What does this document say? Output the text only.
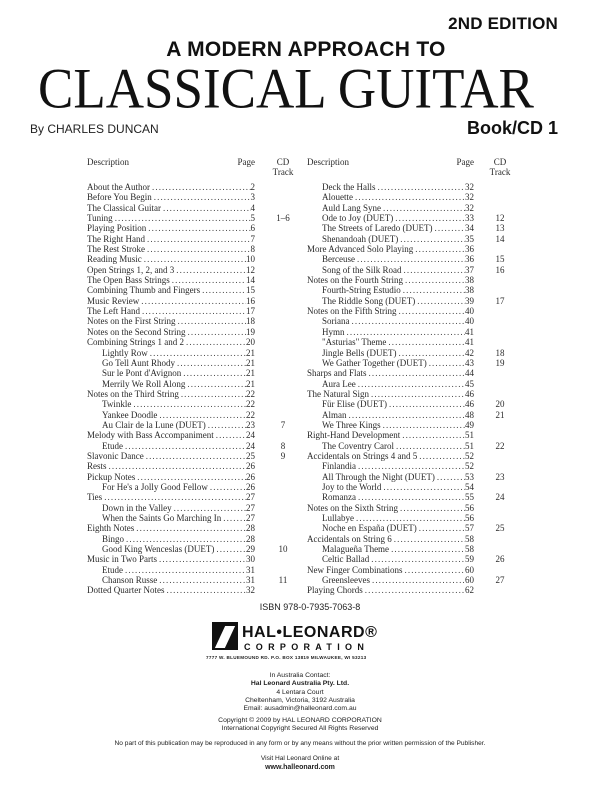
2ND EDITION
A MODERN APPROACH TO
CLASSICAL GUITAR
By CHARLES DUNCAN	Book/CD 1
Description	Page	CD
Track
About the Author .....	2
Before You Begin .....	3
The Classical Guitar .....	4
Tuning .....	5	1–6
Playing Position .....	6
The Right Hand .....	7
The Rest Stroke .....	8
Reading Music .....	10
Open Strings 1, 2, and 3 .....	12
The Open Bass Strings .....	14
Combining Thumb and Fingers .....	15
Music Review .....	16
The Left Hand .....	17
Notes on the First String .....	18
Notes on the Second String .....	19
Combining Strings 1 and 2 .....	20
Lightly Row .....	21
Go Tell Aunt Rhody .....	21
Sur le Pont d'Avignon .....	21
Merrily We Roll Along .....	21
Notes on the Third String .....	22
Twinkle .....	22
Yankee Doodle .....	22
Au Clair de la Lune (DUET) .....	23	7
Melody with Bass Accompaniment .....	24
Etude .....	24	8
Slavonic Dance .....	25	9
Rests .....	26
Pickup Notes .....	26
For He's a Jolly Good Fellow .....	26
Ties .....	27
Down in the Valley .....	27
When the Saints Go Marching In .....	27
Eighth Notes .....	28
Bingo .....	28
Good King Wenceslas (DUET) .....	29	10
Music in Two Parts .....	30
Etude .....	31
Chanson Russe .....	31	11
Dotted Quarter Notes .....	32
Description	Page	CD
Track
Deck the Halls .....	32
Alouette .....	32
Auld Lang Syne .....	32
Ode to Joy (DUET) .....	33	12
The Streets of Laredo (DUET) .....	34	13
Shenandoah (DUET) .....	35	14
More Advanced Solo Playing .....	36
Berceuse .....	36	15
Song of the Silk Road .....	37	16
Notes on the Fourth String .....	38
Fourth-String Estudio .....	38
The Riddle Song (DUET) .....	39	17
Notes on the Fifth String .....	40
Soriana .....	40
Hymn .....	41
"Asturias" Theme .....	41
Jingle Bells (DUET) .....	42	18
We Gather Together (DUET) .....	43	19
Sharps and Flats .....	44
Aura Lee .....	45
The Natural Sign .....	46
Für Elise (DUET) .....	46	20
Alman .....	48	21
We Three Kings .....	49
Right-Hand Development .....	51
The Coventry Carol .....	51	22
Accidentals on Strings 4 and 5 .....	52
Finlandia .....	52
All Through the Night (DUET) .....	53	23
Joy to the World .....	54
Romanza .....	55	24
Notes on the Sixth String .....	56
Lullabye .....	56
Noche en España (DUET) .....	57	25
Accidentals on String 6 .....	58
Malagueña Theme .....	58
Celtic Ballad .....	59	26
New Finger Combinations .....	60
Greensleeves .....	60	27
Playing Chords .....	62
ISBN 978-0-7935-7063-8
HAL•LEONARD®
CORPORATION
7777 W. BLUEMOUND RD. P.O. BOX 13819 MILWAUKEE, WI 53213
In Australia Contact:
Hal Leonard Australia Pty. Ltd.
4 Lentara Court
Cheltenham, Victoria, 3192 Australia
Email: ausadmin@halleonard.com.au
Copyright © 2009 by HAL LEONARD CORPORATION
International Copyright Secured All Rights Reserved
No part of this publication may be reproduced in any form or by any means without the prior written permission of the Publisher.
Visit Hal Leonard Online at
www.halleonard.com
